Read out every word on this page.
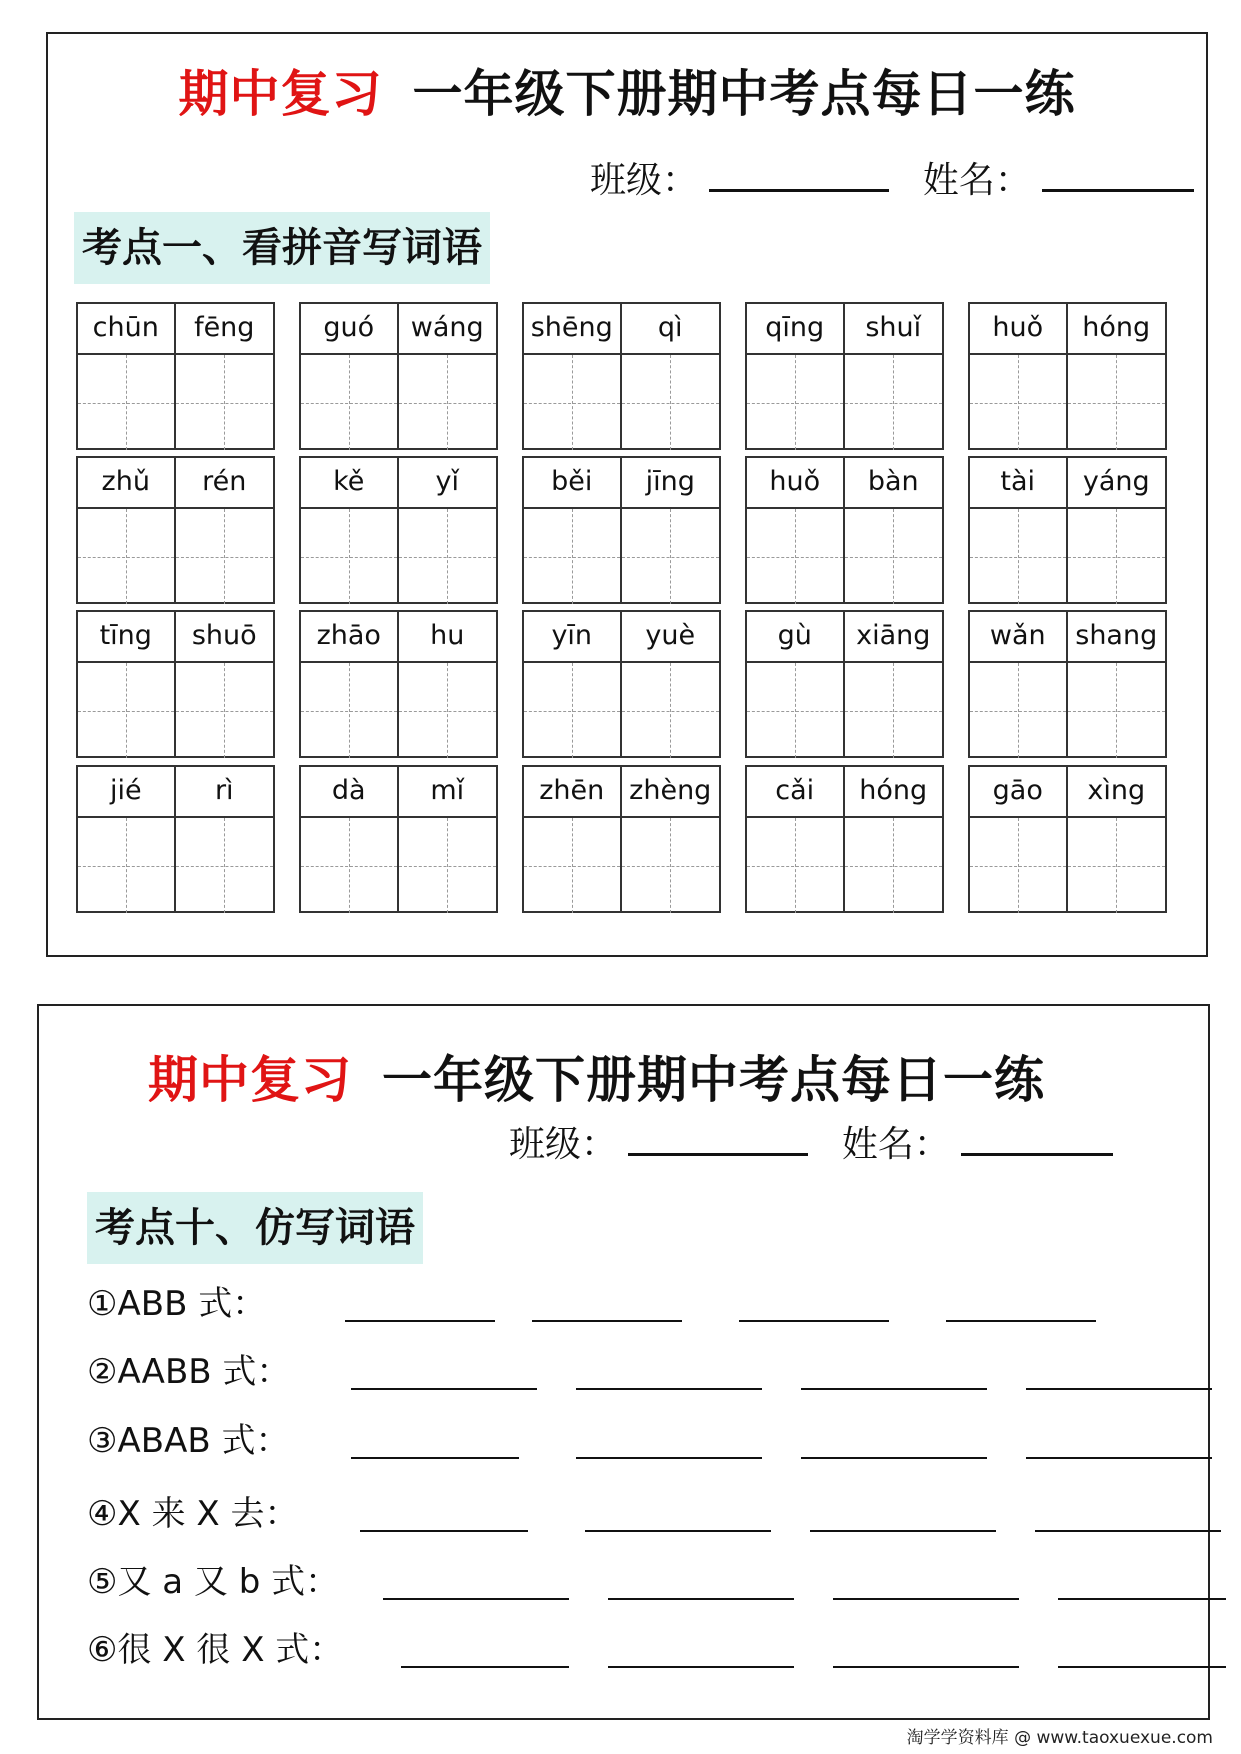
期中复习 一年级下册期中考点每日一练
班级：	姓名：
考点一、看拼音写词语
chūn	fēng	guó	wáng	shēng	qì	qīng	shuǐ	huǒ	hóng
zhǔ	rén	kě	yǐ	běi	jīng	huǒ	bàn	tài	yáng
tīng	shuō	zhāo	hu	yīn	yuè	gù	xiāng	wǎn	shang
jié	rì	dà	mǐ	zhēn zhèng	cǎi	hóng	gāo	xìng
期中复习 一年级下册期中考点每日一练
班级：	姓名：
考点十、仿写词语
①ABB 式：
②AABB 式：
③ABAB 式：
④X 来 X 去：
⑤又 a 又 b 式：
⑥很 X 很 X 式：
淘学学资料库 @ www.taoxuexue.com
